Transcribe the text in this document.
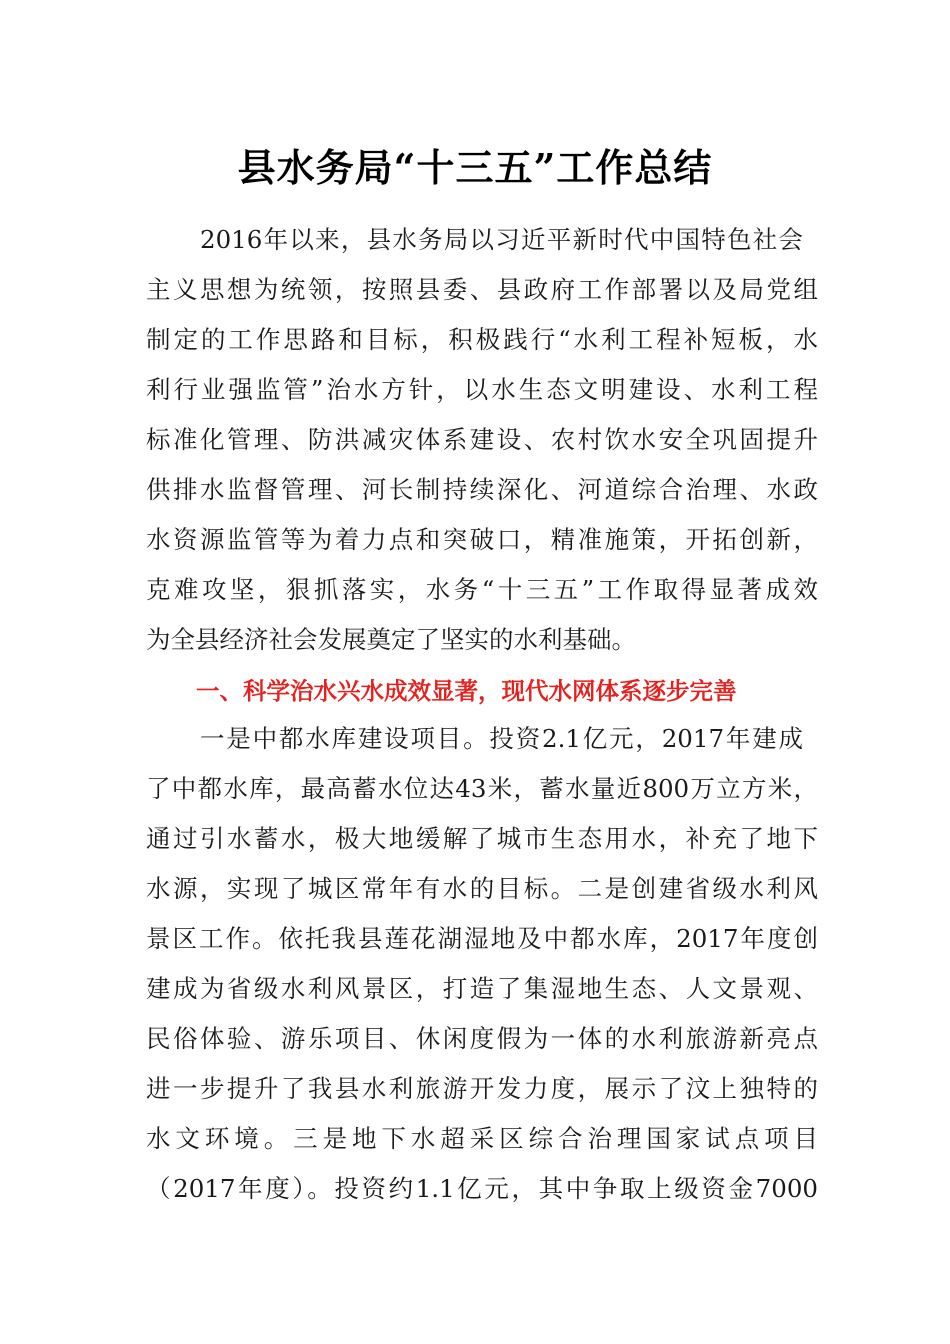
县水务局“十三五”工作总结
2016年以来，县水务局以习近平新时代中国特色社会
主义思想为统领，按照县委、县政府工作部署以及局党组
制定的工作思路和目标，积极践行“水利工程补短板，水
利行业强监管”治水方针，以水生态文明建设、水利工程
标准化管理、防洪减灾体系建设、农村饮水安全巩固提升
供排水监督管理、河长制持续深化、河道综合治理、水政
水资源监管等为着力点和突破口，精准施策，开拓创新，
克难攻坚，狠抓落实，水务“十三五”工作取得显著成效
为全县经济社会发展奠定了坚实的水利基础。
一、科学治水兴水成效显著，现代水网体系逐步完善
一是中都水库建设项目。投资2.1亿元，2017年建成
了中都水库，最高蓄水位达43米，蓄水量近800万立方米，
通过引水蓄水，极大地缓解了城市生态用水，补充了地下
水源，实现了城区常年有水的目标。二是创建省级水利风
景区工作。依托我县莲花湖湿地及中都水库，2017年度创
建成为省级水利风景区，打造了集湿地生态、人文景观、
民俗体验、游乐项目、休闲度假为一体的水利旅游新亮点
进一步提升了我县水利旅游开发力度，展示了汶上独特的
水文环境。三是地下水超采区综合治理国家试点项目
（2017年度）。投资约1.1亿元，其中争取上级资金7000
